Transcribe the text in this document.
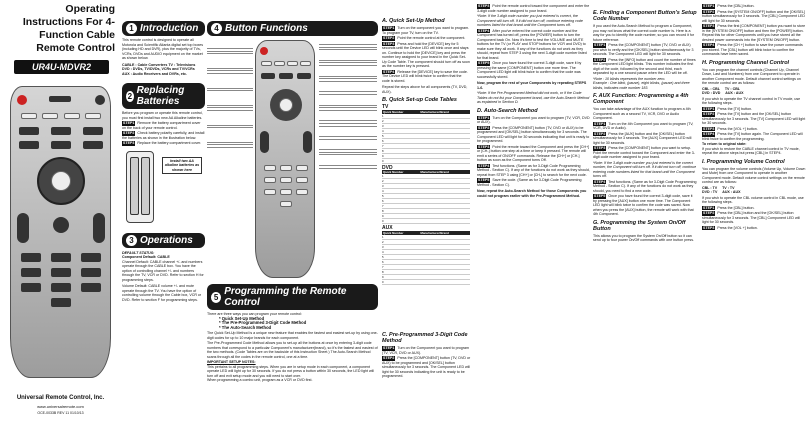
Operating Instructions For 4-Function Cable Remote Control
UR4U-MDVR2
Universal Remote Control, Inc.
www.universalremote.com
OCE-0033B REV 11 01/10/13
1 Introduction
This remote control is designed to operate all Motorola and Scientific Atlanta digital set top boxes (including HD and DVR), plus the majority of TVs, VCRs, DVDs and AUDIO equipment on the market as shown below.
CABLE : Cable Converters TV : Televisions
DVD : DVDs, TV/DVDs, VCRs and TV/VCRs
AUX : Audio Receivers and DVRs, etc.
2 Replacing Batteries
Before you program or operate this remote control, you must first install two new AA Alkaline batteries.
STEP1 Remove the battery compartment cover on the back of your remote control.
STEP2 Check battery polarity carefully, and install the batteries as shown in the illustration below.
STEP3 Replace the battery compartment cover.
Install two AA alkaline batteries as shown here
3 Operations
DEFAULT STATUS:
Component Default: CABLE
Channel Default: CABLE channel +/- and numbers operate through the CABLE box. You have the option of controlling channel +/- and numbers through the TV, VCR or DVD. Refer to section H for programming steps.
Volume Default: CABLE volume +/- and mute operate through the TV. You have the option of controlling volume through the Cable box, VCR or DVD. Refer to section F for programming steps.
4 Button Functions
5 Programming the Remote Control
There are three ways you can program your remote control:
* Quick Set-Up Method
* The Pre-Programmed 3-Digit Code Method
* The Auto-Search Method
The Quick Set-Up Method is a unique new feature that enables the fastest and easiest set-up by using one-digit codes for up to 10 major brands for each component.
The Pre-Programmed Code Method allows you to set-up all the buttons at once by entering 3-digit code numbers that correspond to a particular Component's manufacturer(brand), so it's the fastest and easiest of the two methods. (Code Tables are on the backside of this Instruction Sheet.) The Auto-Search Method scans through all the codes in the remote control, one at a time.
IMPORTANT SETUP NOTES:
This pertains to all programming steps. When you are in setup mode in each component, a component operate LED will light up for 30 seconds. If you do not press a button within 30 seconds, the LED light will turn off and exit setup mode and you will need to start over.
When programming a combo unit, program as a VCR or DVD first.
A. Quick Set-Up Method
STEP1 Turn on the component you want to program. To program your TV, turn on the TV.
STEP2 Point the remote control at the component.
STEP3 Press and hold the [DEVICE] key for 5 seconds until the Device LED will blink once and stays on. Continue to hold the [DEVICE] key and press the number key assigned to your brand in the Quick Set-Up Code Table. The component should turn off as soon as the number key is pressed.
STEP4 Release the [DEVICE] key to save the code. The Device LED will blink twice to confirm that the code is stored.
Repeat the steps above for all components (TV, DVD, AUX).
B. Quick Set-up Code Tables
TV
Quick Number	Manufacturer/Brand
1	
2	
3	
4	
5	
6	
7	
8	
9	
0	
DVD
Quick Number	Manufacturer/Brand
1	
2	
3	
4	
5	
6	
7	
8	
9	
0	
AUX
Quick Number	Manufacturer/Brand
1	
2	
3	
4	
5	
6	
7	
8	
9	
0	
STEP3 Point the remote control toward the component and enter the 3-digit code number assigned to your brand.
*Note: If the 3-digit code number you just entered is correct, the Component will turn off. If it did not turn off, continue entering code numbers listed for that brand until the Component turns off.
STEP4 After you've entered the correct code number and the Component has turned off, press the [POWER] button to turn the Component back On. Now it's time to test the VOLUME and MUTE buttons for the TV (or PLAY and STOP buttons for VCR and DVD) to make sure they all work. If any of the functions do not work as they should, repeat from STEP 3 using the next 3-digit code number listed for that brand.
STEP5 Once you have found the correct 3-digit code, save it by pressing the same [COMPONENT] button one more time. The Component LED light will blink twice to confirm that the code was successfully stored.
Now, program the rest of your Components by repeating STEPS 1-6.
*Note: If the Pre-Programmed Method did not work, or if the Code Tables do not list your Component brand, use the Auto-Search Method as explained in Section D.
D. Auto-Search Method
STEP1 Turn on the Component you want to program (TV, VCR, DVD or AUX).
STEP2 Press the [COMPONENT] button (TV, DVD or AUX) to be programmed and [OK/SEL] button simultaneously for 3 seconds. The Component LED will light for 30 seconds indicating that unit is ready to be programmed.
STEP3 Point the remote toward the Component and press the [CH+] or [CH-] button one step at a time or keep it pressed. The remote will emit a series of ON/OFF commands. Release the [CH+] or [CH-] button as soon as the Component turns Off.
STEP4 Test functions. (Same as for 3-Digit Code Programming Method - Section C). If any of the functions do not work as they should, repeat from STEP 3 using [CH+] or [CH-] to search for the next code.
STEP5 Save the code. (Same as for 3-Digit Code Programming Method - Section C).
Now, repeat the Auto-Search Method for those Components you could not program earlier with the Pre-Programmed Method.
C. Pre-Programmed 3-Digit Code Method
STEP1 Turn on the Component you want to program (TV, VCR, DVD or AUX).
STEP2 Press the [COMPONENT] button (TV, DVD or AUX) to be programmed and [OK/SEL] button simultaneously for 3 seconds. The Component LED will light for 30 seconds indicating the unit is ready to be programmed.
E. Finding a Component Button's Setup Code Number
If you used the Auto-Search Method to program a Component, you may not know what the correct code number is. Here is a way for you to identify the code number, so you can record it for future reference.
STEP1 Press the [COMPONENT] button (TV, DVD or AUX) you wish to verify and the [OK/SEL] button simultaneously for 3 seconds. The Component LED will light for 30 seconds.
STEP2 Press the [INFO] button and count the number of times the Component LED light blinks. This number indicates the first digit of the code, followed by the second and third, each separated by a one second pause when the LED will be off.
*Note : 10 blinks represents the number zero.
Example : One blink, (pause), eight blinks, (pause) and three blinks, indicates code number 183.
F. AUX Function: Programming a 4th Component
You can take advantage of the AUX function to program a 4th Component such as a second TV, VCR, DVD or Audio Component.
STEP1 Turn on the 4th Component you want to program (TV, VCR, DVD or Audio).
STEP2 Press the [AUX] button and the [OK/SEL] button simultaneously for 3 seconds. The [AUX] Component LED will light for 30 seconds.
STEP3 Press the [COMPONENT] button you want to setup. Point the remote control toward the Component and enter the 3-digit code number assigned to your brand.
*Note: If the 3-digit code number you just entered is the correct number, the Component will turn off. If it did not turn off, continue entering code numbers listed for that brand until the Component turns off.
STEP4 Test functions. (Same as for 3-Digit Code Programming Method - Section C). If any of the functions do not work as they should, you need to find a new code.
STEP5 Once you have found the correct 3-digit code, save it by pressing the [AUX] button one more time. The Component LED light will blink twice to confirm the code was saved. Now when you press the [AUX] button, the remote will work with that 4th Component.
G. Programming the System On/Off Button
This allows you to program the System On/Off button so it can send up to four power On/Off commands with one button press.
STEP1 Press the [CBL] button.
STEP2 Press the [SYSTEM ON/OFF] button and the [OK/SEL] button simultaneously for 3 seconds. The [CBL] Component LED will light for 30 seconds.
STEP3 Press the first [COMPONENT] button you want to store in the [SYSTEM ON/OFF] button and then the [POWER] button. Repeat this for other Components until you have stored all the desired power commands into the [SYSTEM ON/OFF] button.
STEP4 Press the [CH +] button to save the power commands you stored. The [CBL] button will blink twice to confirm the commands have been saved.
H. Programming Channel Control
You can program the channel controls (Channel Up, Channel Down, Last and Numbers) from one Component to operate in another Component mode. Default channel control settings on the remote control are as follows:
CBL : CBL     TV : CBL
DVD : DVD     AUX : AUX
If you wish to operate the TV channel control in TV mode, use the following steps.
STEP1 Press the [TV] button.
STEP2 Press the [TV] button and the [OK/SEL] button simultaneously for 3 seconds. The [TV] Component LED will light for 30 seconds.
STEP3 Press the [VOL +] button.
STEP4 Press the [TV] button again. The Component LED will blink twice to confirm the programming.
To return to original state:
If you wish to restore the CABLE channel control in TV mode, repeat the above steps but press [CBL] in STEP4.
I. Programming Volume Control
You can program the volume controls (Volume Up, Volume Down and Mute) from one Component to operate in another Component mode. Default volume control settings on the remote control are as follows:
CBL : TV     TV : TV
DVD : TV     AUX : AUX
If you wish to operate the CBL volume control in CBL mode, use the following steps.
STEP1 Press the [CBL] button.
STEP2 Press the [CBL] button and the [OK/SEL] button simultaneously for 3 seconds. The [CBL] Component LED will light for 30 seconds.
STEP3 Press the [VOL +] button.
